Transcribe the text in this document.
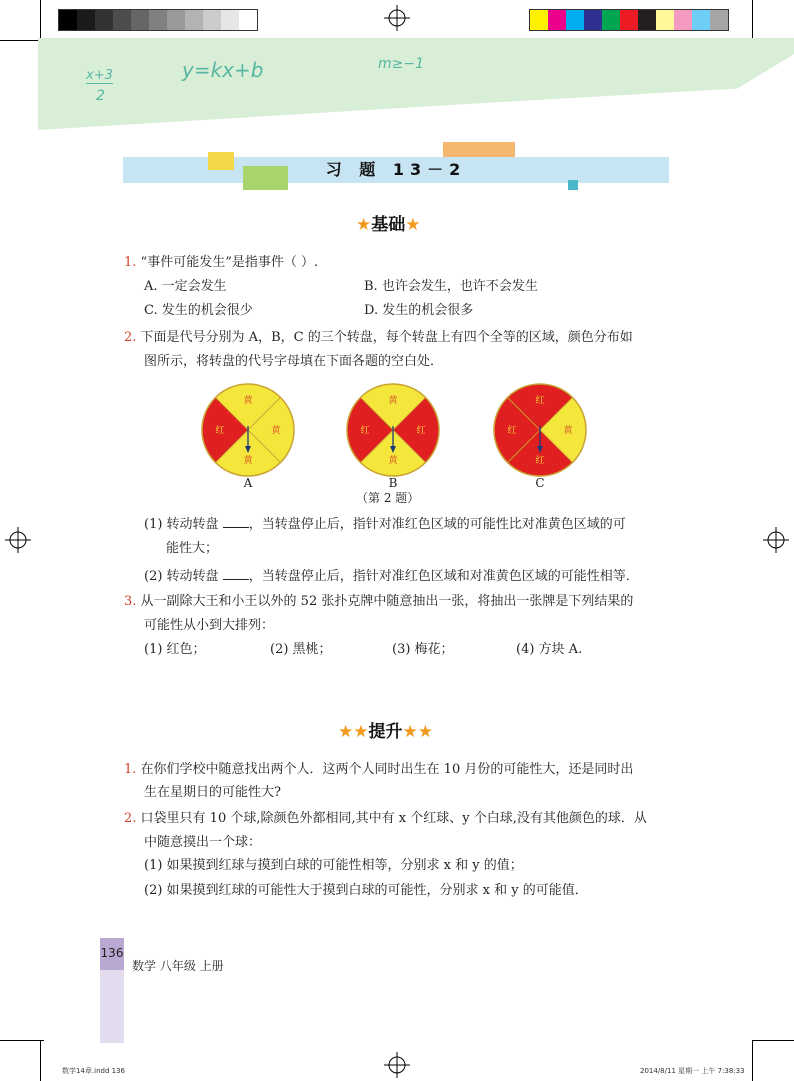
x+3
2
y=kx+b	m≥−1
习 题 13－2
★基础★
1. “事件可能发生”是指事件（ ）.
A. 一定会发生	B. 也许会发生，也许不会发生
C. 发生的机会很少	D. 发生的机会很多
2. 下面是代号分别为 A，B，C 的三个转盘，每个转盘上有四个全等的区域，颜色分布如
图所示，将转盘的代号字母填在下面各题的空白处．
黄
黄
黄
红
黄
红
黄
红
红
黄
红
红
A	B	C
（第 2 题）
(1) 转动转盘 ，当转盘停止后，指针对准红色区域的可能性比对准黄色区域的可
能性大；
(2) 转动转盘 ，当转盘停止后，指针对准红色区域和对准黄色区域的可能性相等．
3. 从一副除大王和小王以外的 52 张扑克牌中随意抽出一张，将抽出一张牌是下列结果的
可能性从小到大排列：
(1) 红色；	(2) 黑桃；	(3) 梅花；	(4) 方块 A.
★★提升★★
1. 在你们学校中随意找出两个人．这两个人同时出生在 10 月份的可能性大，还是同时出
生在星期日的可能性大?
2. 口袋里只有 10 个球,除颜色外都相同,其中有 x 个红球、y 个白球,没有其他颜色的球．从
中随意摸出一个球：
(1) 如果摸到红球与摸到白球的可能性相等，分别求 x 和 y 的值；
(2) 如果摸到红球的可能性大于摸到白球的可能性，分别求 x 和 y 的可能值．
136
数学 八年级 上册
数学14章.indd 136	2014/8/11 星期一 上午 7:38:33
